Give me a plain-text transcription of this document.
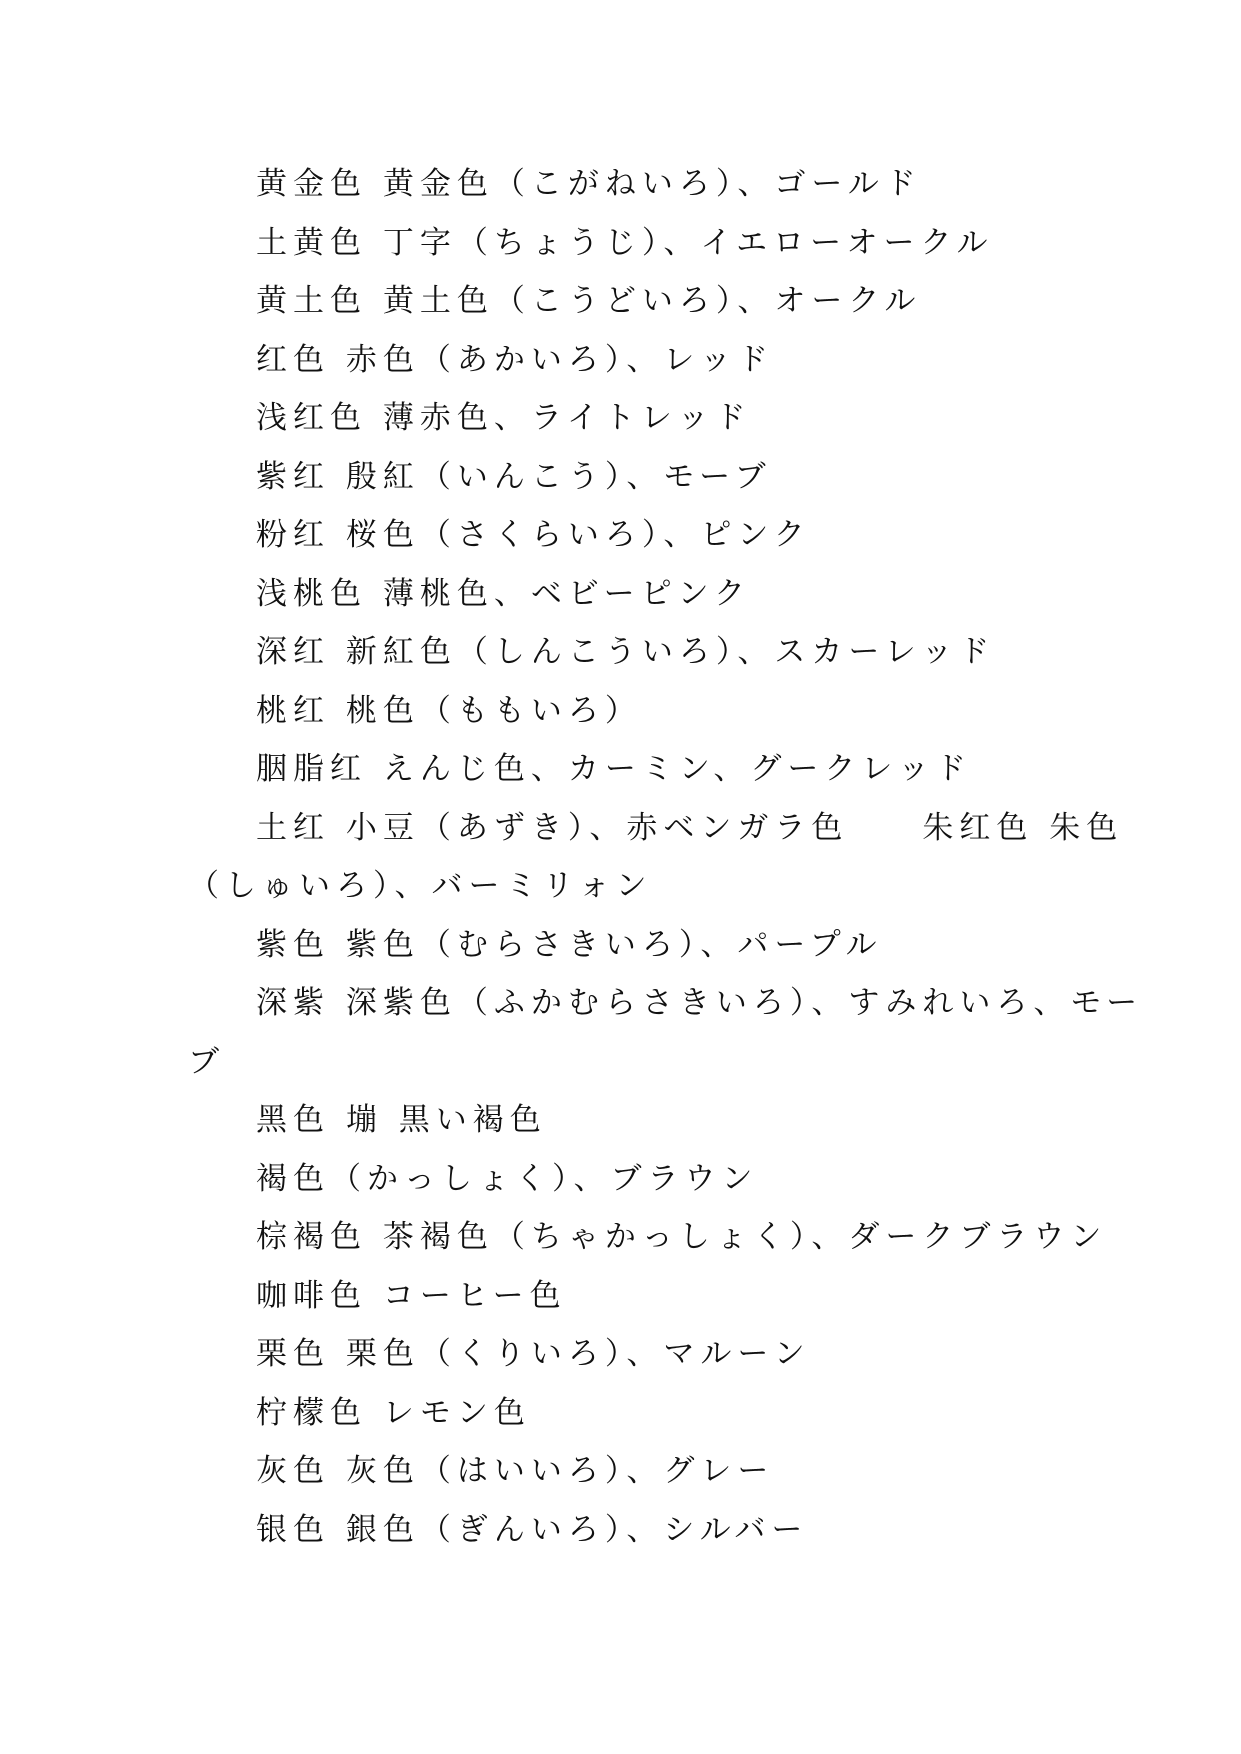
黄金色 黄金色（こがねいろ）、ゴールド
土黄色 丁字（ちょうじ）、イエローオークル
黄土色 黄土色（こうどいろ）、オークル
红色 赤色（あかいろ）、レッド
浅红色 薄赤色、ライトレッド
紫红 殷紅（いんこう）、モーブ
粉红 桜色（さくらいろ）、ピンク
浅桃色 薄桃色、ベビーピンク
深红 新紅色（しんこういろ）、スカーレッド
桃红 桃色（ももいろ）
胭脂红 えんじ色、カーミン、グークレッド
土红 小豆（あずき）、赤ベンガラ色　　朱红色 朱色
（しゅいろ）、バーミリォン
紫色 紫色（むらさきいろ）、パープル
深紫 深紫色（ふかむらさきいろ）、すみれいろ、モー
ブ
黑色 塴 黒い褐色
褐色（かっしょく）、ブラウン
棕褐色 茶褐色（ちゃかっしょく）、ダークブラウン
咖啡色 コーヒー色
栗色 栗色（くりいろ）、マルーン
柠檬色 レモン色
灰色 灰色（はいいろ）、グレー
银色 銀色（ぎんいろ）、シルバー
